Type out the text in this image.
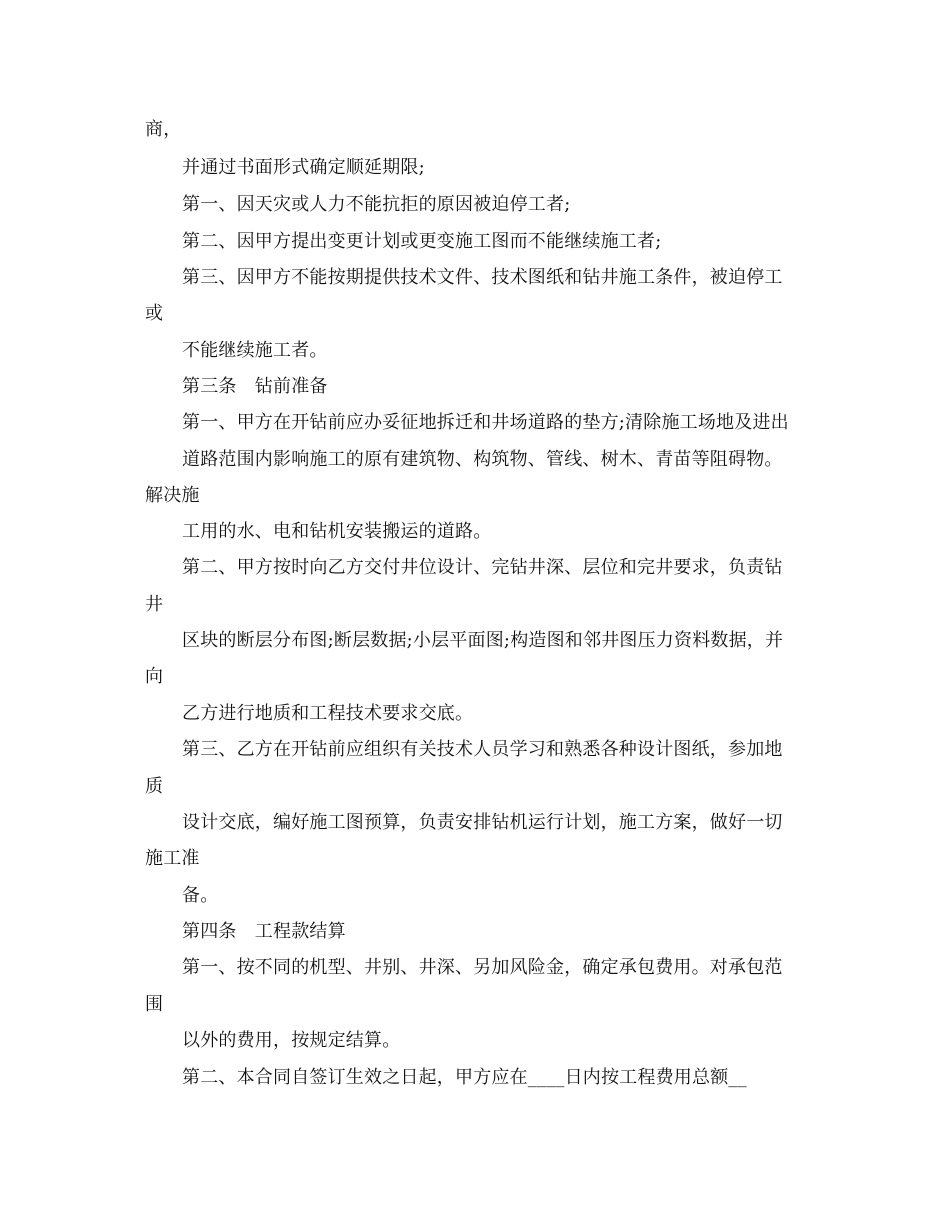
商，
并通过书面形式确定顺延期限;
第一、因天灾或人力不能抗拒的原因被迫停工者;
第二、因甲方提出变更计划或更变施工图而不能继续施工者;
第三、因甲方不能按期提供技术文件、技术图纸和钻井施工条件，被迫停工
或
不能继续施工者。
第三条　钻前准备
第一、甲方在开钻前应办妥征地拆迁和井场道路的垫方;清除施工场地及进出
道路范围内影响施工的原有建筑物、构筑物、管线、树木、青苗等阻碍物。
解决施
工用的水、电和钻机安装搬运的道路。
第二、甲方按时向乙方交付井位设计、完钻井深、层位和完井要求，负责钻
井
区块的断层分布图;断层数据;小层平面图;构造图和邻井图压力资料数据，并
向
乙方进行地质和工程技术要求交底。
第三、乙方在开钻前应组织有关技术人员学习和熟悉各种设计图纸，参加地
质
设计交底，编好施工图预算，负责安排钻机运行计划，施工方案，做好一切
施工准
备。
第四条　工程款结算
第一、按不同的机型、井别、井深、另加风险金，确定承包费用。对承包范
围
以外的费用，按规定结算。
第二、本合同自签订生效之日起，甲方应在____日内按工程费用总额__
